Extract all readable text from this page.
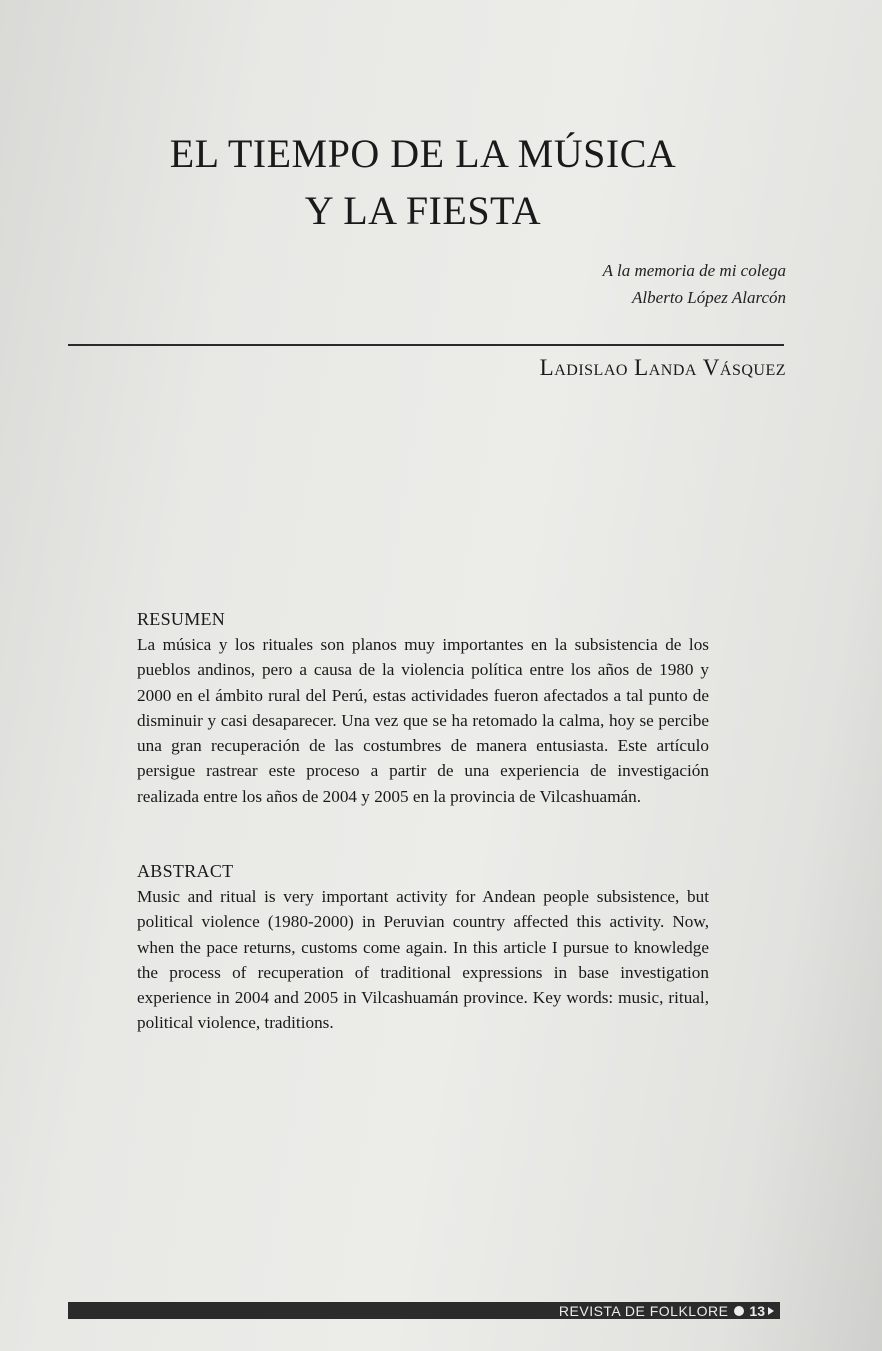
EL TIEMPO DE LA MÚSICA
Y LA FIESTA
A la memoria de mi colega
Alberto López Alarcón
Ladislao Landa Vásquez
RESUMEN

La música y los rituales son planos muy importantes en la subsistencia de los pueblos andinos, pero a causa de la violencia política entre los años de 1980 y 2000 en el ámbito rural del Perú, estas actividades fueron afectados a tal punto de disminuir y casi desaparecer. Una vez que se ha retomado la calma, hoy se percibe una gran recuperación de las costumbres de manera entusiasta. Este artículo persigue rastrear este proceso a partir de una experiencia de investigación realizada entre los años de 2004 y 2005 en la provincia de Vilcashuamán.

ABSTRACT

Music and ritual is very important activity for Andean people subsistence, but political violence (1980-2000) in Peruvian country affected this activity. Now, when the pace returns, customs come again. In this article I pursue to knowledge the process of recuperation of traditional expressions in base investigation experience in 2004 and 2005 in Vilcashuamán province. Key words: music, ritual, political violence, traditions.

REVISTA DE FOLKLORE 13
